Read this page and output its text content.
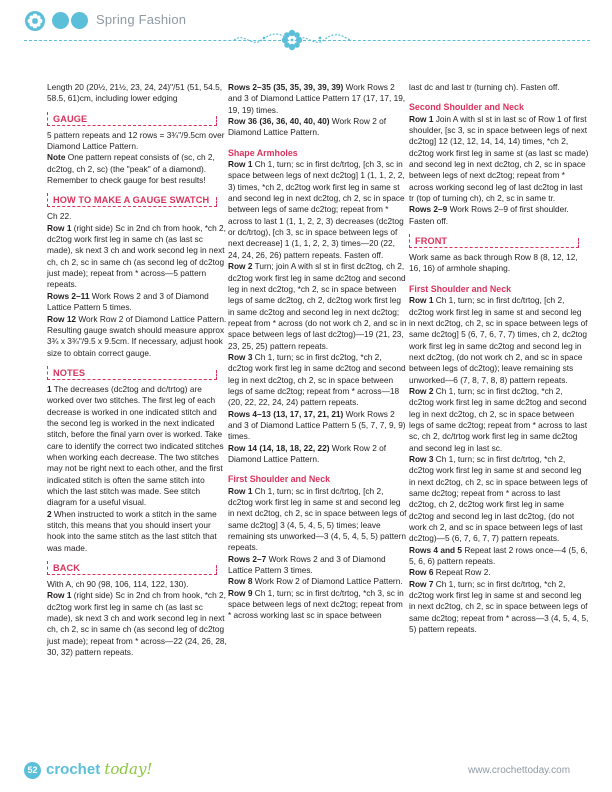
Spring Fashion

Length 20 (20½, 21½, 23, 24, 24)"/51 (51, 54.5, 58.5, 61)cm, including lower edging

GAUGE

5 pattern repeats and 12 rows = 3¾"/9.5cm over Diamond Lattice Pattern.

Note One pattern repeat consists of (sc, ch 2, dc2tog, ch 2, sc) (the "peak" of a diamond). Remember to check gauge for best results!

HOW TO MAKE A GAUGE SWATCH

Ch 22.

Row 1 (right side) Sc in 2nd ch from hook, *ch 2, dc2tog work first leg in same ch (as last sc made), sk next 3 ch and work second leg in next ch, ch 2, sc in same ch (as second leg of dc2tog just made); repeat from * across—5 pattern repeats.

Rows 2–11 Work Rows 2 and 3 of Diamond Lattice Pattern 5 times.

Row 12 Work Row 2 of Diamond Lattice Pattern.

Resulting gauge swatch should measure approx 3¾ x 3¾"/9.5 x 9.5cm. If necessary, adjust hook size to obtain correct gauge.

NOTES

1 The decreases (dc2tog and dc/trtog) are worked over two stitches. The first leg of each decrease is worked in one indicated stitch and the second leg is worked in the next indicated stitch, before the final yarn over is worked. Take care to identify the correct two indicated stitches when working each decrease. The two stitches may not be right next to each other, and the first indicated stitch is often the same stitch into which the last stitch was made. See stitch diagram for a useful visual.

2 When instructed to work a stitch in the same stitch, this means that you should insert your hook into the same stitch as the last stitch that was made.

BACK

With A, ch 90 (98, 106, 114, 122, 130).

Row 1 (right side) Sc in 2nd ch from hook, *ch 2, dc2tog work first leg in same ch (as last sc made), sk next 3 ch and work second leg in next ch, ch 2, sc in same ch (as second leg of dc2tog just made); repeat from * across—22 (24, 26, 28, 30, 32) pattern repeats.

Rows 2–35 (35, 35, 39, 39, 39) Work Rows 2 and 3 of Diamond Lattice Pattern 17 (17, 17, 19, 19, 19) times.

Row 36 (36, 36, 40, 40, 40) Work Row 2 of Diamond Lattice Pattern.

Shape Armholes

Row 1 Ch 1, turn; sc in first dc/trtog, [ch 3, sc in space between legs of next dc2tog] 1 (1, 1, 2, 2, 3) times, *ch 2, dc2tog work first leg in same st and second leg in next dc2tog, ch 2, sc in space between legs of same dc2tog; repeat from * across to last 1 (1, 1, 2, 2, 3) decreases (dc2tog or dc/trtog), [ch 3, sc in space between legs of next decrease] 1 (1, 1, 2, 2, 3) times—20 (22, 24, 24, 26, 26) pattern repeats. Fasten off.

Row 2 Turn; join A with sl st in first dc2tog, ch 2, dc2tog work first leg in same dc2tog and second leg in next dc2tog, *ch 2, sc in space between legs of same dc2tog, ch 2, dc2tog work first leg in same dc2tog and second leg in next dc2tog; repeat from * across (do not work ch 2, and sc in space between legs of last dc2tog)—19 (21, 23, 23, 25, 25) pattern repeats.

Row 3 Ch 1, turn; sc in first dc2tog, *ch 2, dc2tog work first leg in same dc2tog and second leg in next dc2tog, ch 2, sc in space between legs of same dc2tog; repeat from * across—18 (20, 22, 22, 24, 24) pattern repeats.

Rows 4–13 (13, 17, 17, 21, 21) Work Rows 2 and 3 of Diamond Lattice Pattern 5 (5, 7, 7, 9, 9) times.

Row 14 (14, 18, 18, 22, 22) Work Row 2 of Diamond Lattice Pattern.

First Shoulder and Neck

Row 1 Ch 1, turn; sc in first dc/trtog, [ch 2, dc2tog work first leg in same st and second leg in next dc2tog, ch 2, sc in space between legs of same dc2tog] 3 (4, 5, 4, 5, 5) times; leave remaining sts unworked—3 (4, 5, 4, 5, 5) pattern repeats.

Rows 2–7 Work Rows 2 and 3 of Diamond Lattice Pattern 3 times.

Row 8 Work Row 2 of Diamond Lattice Pattern.

Row 9 Ch 1, turn; sc in first dc/trtog, *ch 3, sc in space between legs of next dc2tog; repeat from * across working last sc in space between

last dc and last tr (turning ch). Fasten off.

Second Shoulder and Neck

Row 1 Join A with sl st in last sc of Row 1 of first shoulder, [sc 3, sc in space between legs of next dc2tog] 12 (12, 12, 14, 14, 14) times, *ch 2, dc2tog work first leg in same st (as last sc made) and second leg in next dc2tog, ch 2, sc in space between legs of next dc2tog; repeat from * across working second leg of last dc2tog in last tr (top of turning ch), ch 2, sc in same tr.

Rows 2–9 Work Rows 2–9 of first shoulder. Fasten off.

FRONT

Work same as back through Row 8 (8, 12, 12, 16, 16) of armhole shaping.

First Shoulder and Neck

Row 1 Ch 1, turn; sc in first dc/trtog, [ch 2, dc2tog work first leg in same st and second leg in next dc2tog, ch 2, sc in space between legs of same dc2tog] 5 (6, 7, 6, 7, 7) times, ch 2, dc2tog work first leg in same dc2tog and second leg in next dc2tog, (do not work ch 2, and sc in space between legs of dc2tog); leave remaining sts unworked—6 (7, 8, 7, 8, 8) pattern repeats.

Row 2 Ch 1, turn; sc in first dc2tog, *ch 2, dc2tog work first leg in same dc2tog and second leg in next dc2tog, ch 2, sc in space between legs of same dc2tog; repeat from * across to last sc, ch 2, dc/trtog work first leg in same dc2tog and second leg in last sc.

Row 3 Ch 1, turn; sc in first dc/trtog, *ch 2, dc2tog work first leg in same st and second leg in next dc2tog, ch 2, sc in space between legs of same dc2tog; repeat from * across to last dc2tog, ch 2, dc2tog work first leg in same dc2tog and second leg in last dc2tog, (do not work ch 2, and sc in space between legs of last dc2tog)—5 (6, 7, 6, 7, 7) pattern repeats.

Rows 4 and 5 Repeat last 2 rows once—4 (5, 6, 5, 6, 6) pattern repeats.

Row 6 Repeat Row 2.

Row 7 Ch 1, turn; sc in first dc/trtog, *ch 2, dc2tog work first leg in same st and second leg in next dc2tog, ch 2, sc in space between legs of same dc2tog; repeat from * across—3 (4, 5, 4, 5, 5) pattern repeats.

52 crochet today!	www.crochettoday.com
